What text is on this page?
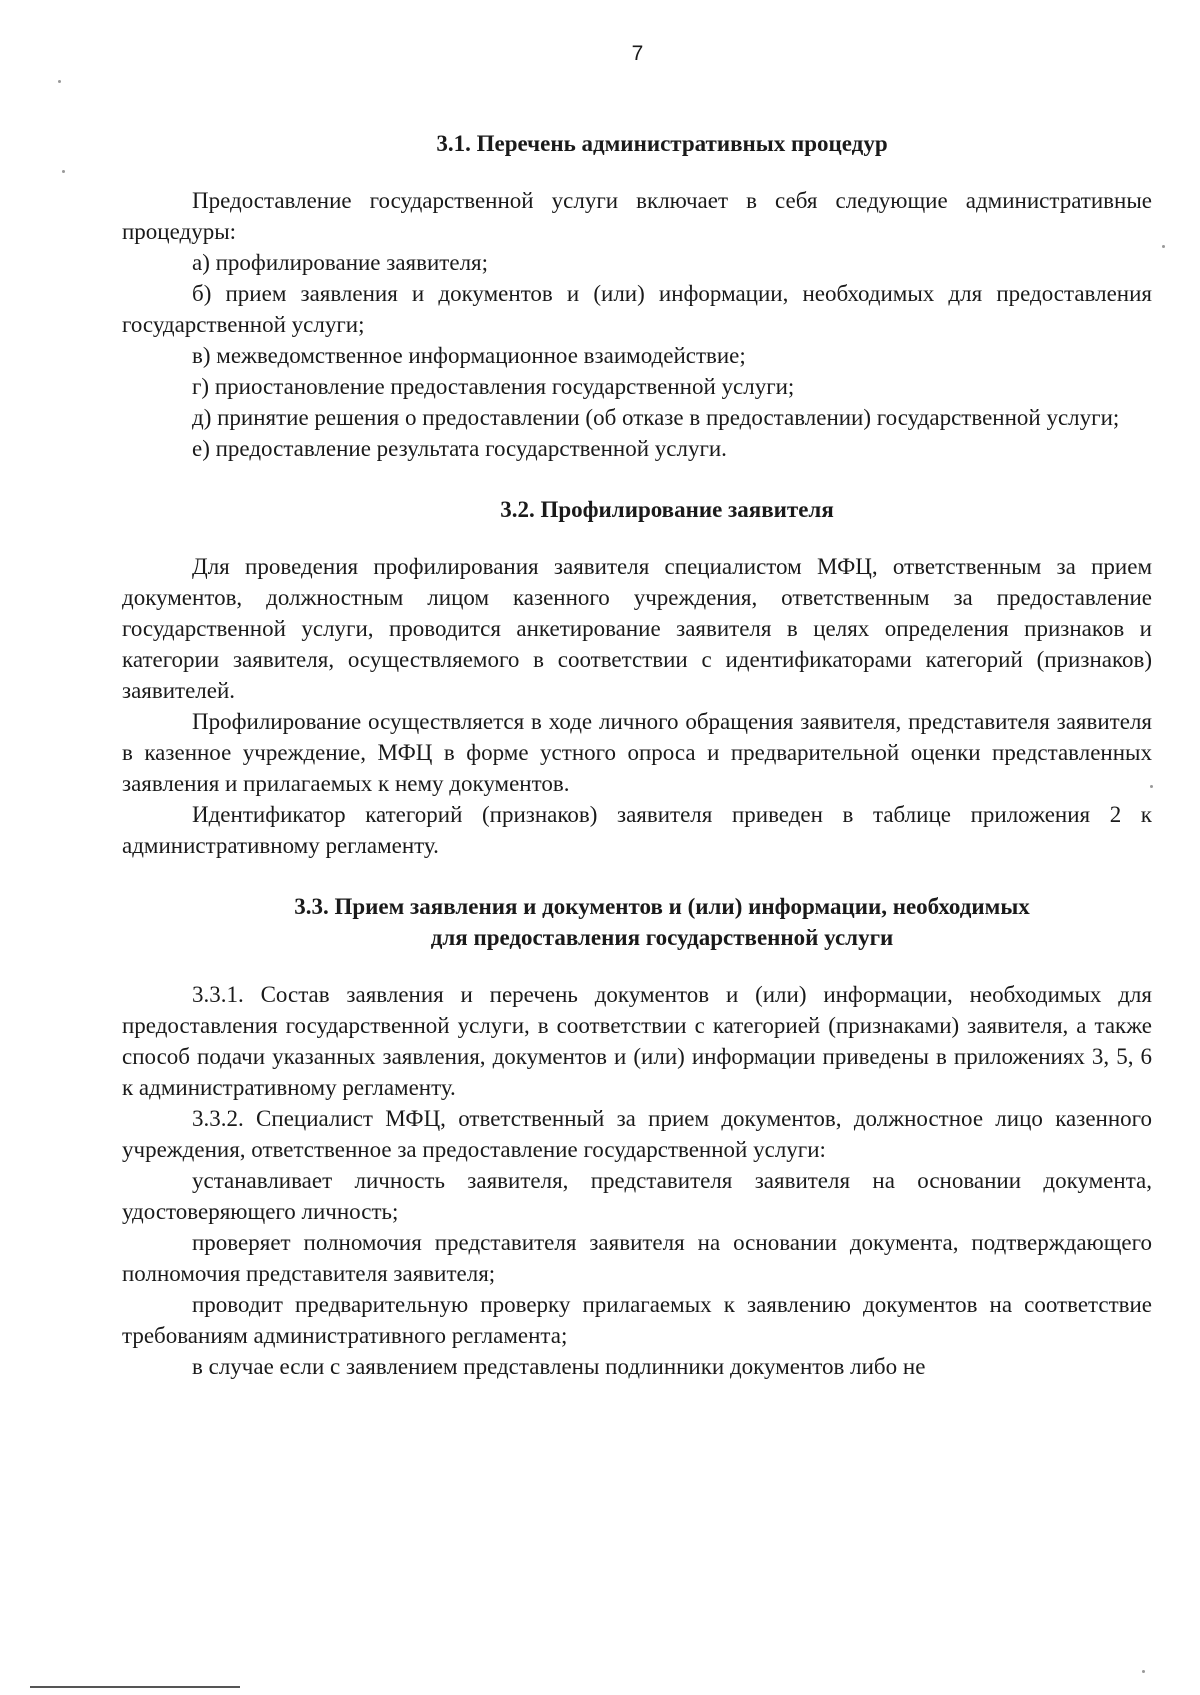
7
3.1. Перечень административных процедур

Предоставление государственной услуги включает в себя следующие административные процедуры:

а) профилирование заявителя;

б) прием заявления и документов и (или) информации, необходимых для предоставления государственной услуги;

в) межведомственное информационное взаимодействие;

г) приостановление предоставления государственной услуги;

д) принятие решения о предоставлении (об отказе в предоставлении) государственной услуги;

е) предоставление результата государственной услуги.

3.2. Профилирование заявителя

Для проведения профилирования заявителя специалистом МФЦ, ответственным за прием документов, должностным лицом казенного учреждения, ответственным за предоставление государственной услуги, проводится анкетирование заявителя в целях определения признаков и категории заявителя, осуществляемого в соответствии с идентификаторами категорий (признаков) заявителей.

Профилирование осуществляется в ходе личного обращения заявителя, представителя заявителя в казенное учреждение, МФЦ в форме устного опроса и предварительной оценки представленных заявления и прилагаемых к нему документов.

Идентификатор категорий (признаков) заявителя приведен в таблице приложения 2 к административному регламенту.

3.3. Прием заявления и документов и (или) информации, необходимых
для предоставления государственной услуги

3.3.1. Состав заявления и перечень документов и (или) информации, необходимых для предоставления государственной услуги, в соответствии с категорией (признаками) заявителя, а также способ подачи указанных заявления, документов и (или) информации приведены в приложениях 3, 5, 6 к административному регламенту.

3.3.2. Специалист МФЦ, ответственный за прием документов, должностное лицо казенного учреждения, ответственное за предоставление государственной услуги:

устанавливает личность заявителя, представителя заявителя на основании документа, удостоверяющего личность;

проверяет полномочия представителя заявителя на основании документа, подтверждающего полномочия представителя заявителя;

проводит предварительную проверку прилагаемых к заявлению документов на соответствие требованиям административного регламента;

в случае если с заявлением представлены подлинники документов либо не
